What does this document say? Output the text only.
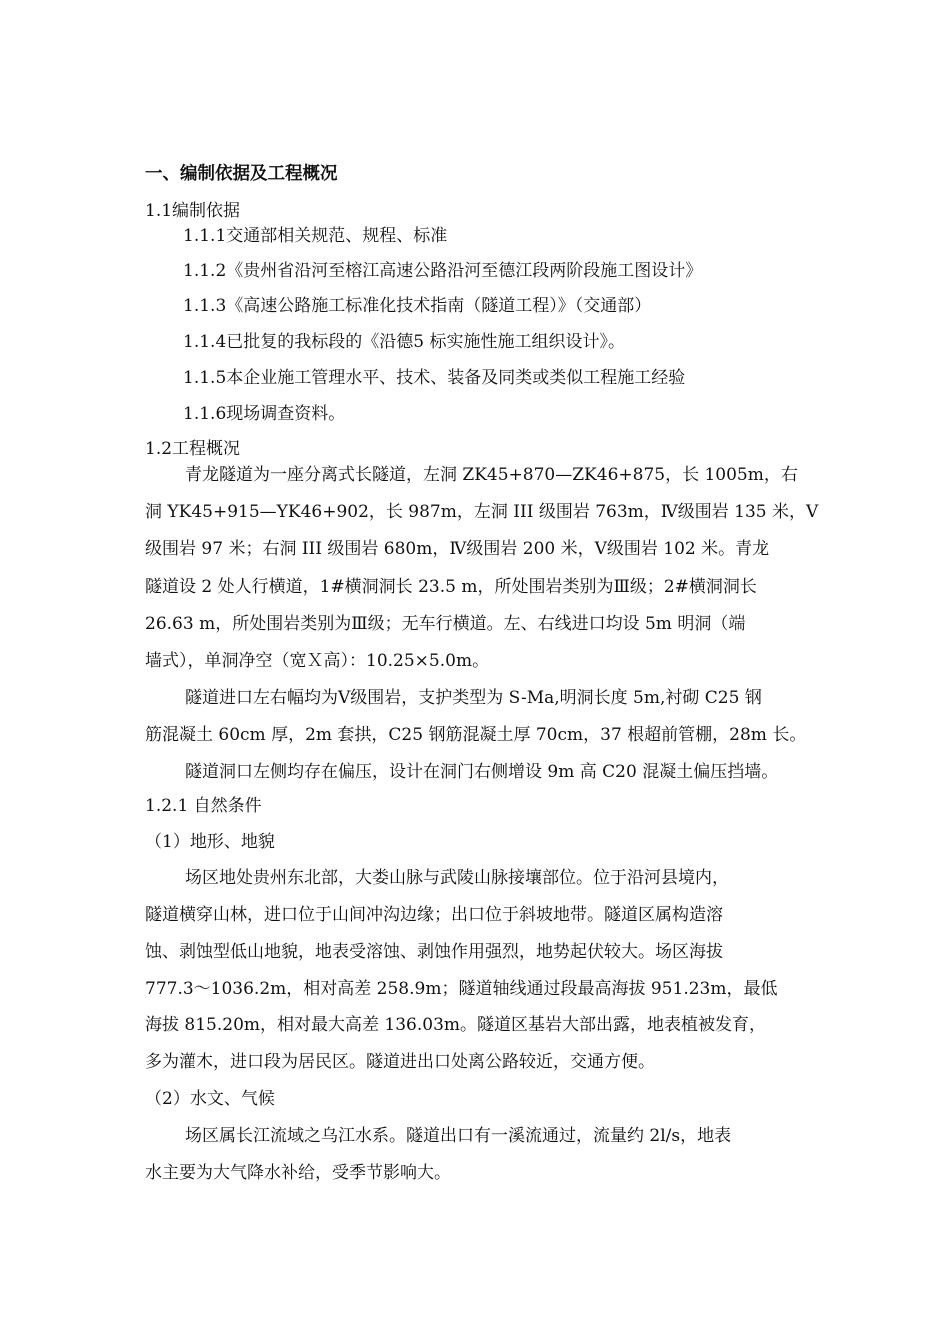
一、编制依据及工程概况
1.1编制依据
1.1.1交通部相关规范、规程、标准
1.1.2《贵州省沿河至榕江高速公路沿河至德江段两阶段施工图设计》
1.1.3《高速公路施工标准化技术指南（隧道工程）》（交通部）
1.1.4已批复的我标段的《沿德5 标实施性施工组织设计》。
1.1.5本企业施工管理水平、技术、装备及同类或类似工程施工经验
1.1.6现场调查资料。
1.2工程概况
青龙隧道为一座分离式长隧道，左洞 ZK45+870—ZK46+875，长 1005m，右
洞 YK45+915—YK46+902，长 987m，左洞 III 级围岩 763m，Ⅳ级围岩 135 米，Ⅴ
级围岩 97 米；右洞 III 级围岩 680m，Ⅳ级围岩 200 米，Ⅴ级围岩 102 米。青龙
隧道设 2 处人行横道，1#横洞洞长 23.5 m，所处围岩类别为Ⅲ级；2#横洞洞长
26.63 m，所处围岩类别为Ⅲ级；无车行横道。左、右线进口均设 5m 明洞（端
墙式），单洞净空（宽Ｘ高）：10.25×5.0m。
隧道进口左右幅均为Ⅴ级围岩，支护类型为 S-Ma,明洞长度 5m,衬砌 C25 钢
筋混凝土 60cm 厚，2m 套拱，C25 钢筋混凝土厚 70cm，37 根超前管棚，28m 长。
隧道洞口左侧均存在偏压，设计在洞门右侧增设 9m 高 C20 混凝土偏压挡墙。
1.2.1 自然条件
（1）地形、地貌
场区地处贵州东北部，大娄山脉与武陵山脉接壤部位。位于沿河县境内，
隧道横穿山林，进口位于山间冲沟边缘；出口位于斜坡地带。隧道区属构造溶
蚀、剥蚀型低山地貌，地表受溶蚀、剥蚀作用强烈，地势起伏较大。场区海拔
777.3～1036.2m，相对高差 258.9m；隧道轴线通过段最高海拔 951.23m，最低
海拔 815.20m，相对最大高差 136.03m。隧道区基岩大部出露，地表植被发育，
多为灌木，进口段为居民区。隧道进出口处离公路较近，交通方便。
（2）水文、气候
场区属长江流域之乌江水系。隧道出口有一溪流通过，流量约 2l/s，地表
水主要为大气降水补给，受季节影响大。
